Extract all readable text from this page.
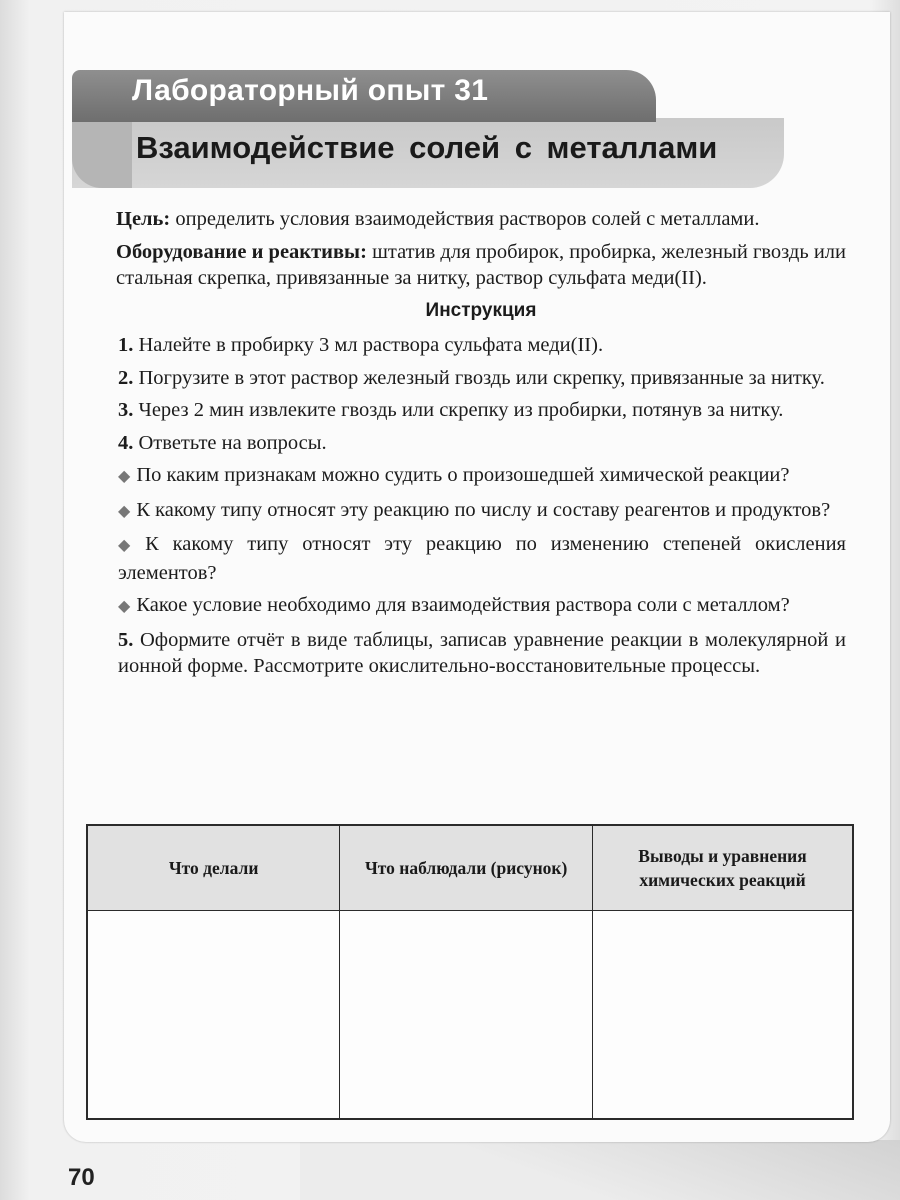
Лабораторный опыт 31
Взаимодействие солей с металлами

Цель: определить условия взаимодействия растворов солей с металлами.

Оборудование и реактивы: штатив для пробирок, пробирка, железный гвоздь или стальная скрепка, привязанные за нитку, раствор сульфата меди(II).

Инструкция

1. Налейте в пробирку 3 мл раствора сульфата меди(II).

2. Погрузите в этот раствор железный гвоздь или скрепку, привязанные за нитку.

3. Через 2 мин извлеките гвоздь или скрепку из пробирки, потянув за нитку.

4. Ответьте на вопросы.

◆ По каким признакам можно судить о произошедшей химической реакции?

◆ К какому типу относят эту реакцию по числу и составу реагентов и продуктов?

◆ К какому типу относят эту реакцию по изменению степеней окисления элементов?

◆ Какое условие необходимо для взаимодействия раствора соли с металлом?

5. Оформите отчёт в виде таблицы, записав уравнение реакции в молекулярной и ионной форме. Рассмотрите окислительно-восстановительные процессы.

Что делали	Что наблюдали (рисунок)	Выводы и уравнения химических реакций

70
